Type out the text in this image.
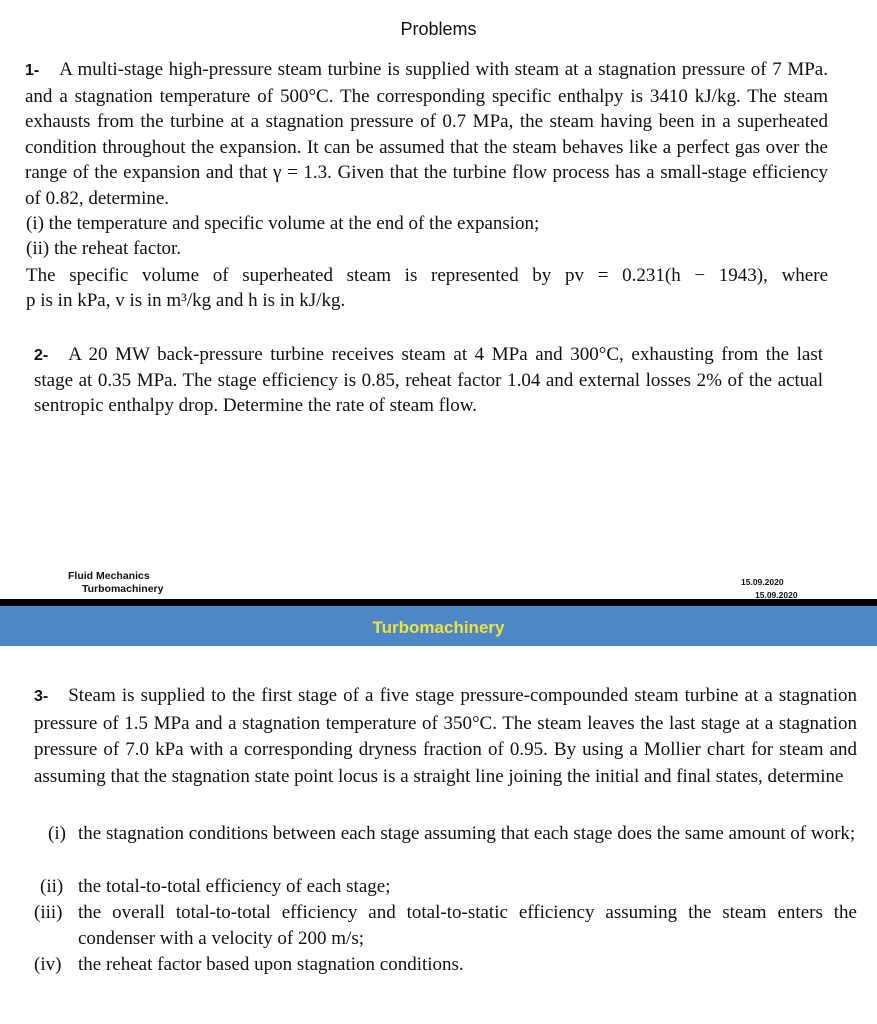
Problems

1- A multi-stage high-pressure steam turbine is supplied with steam at a stagnation pressure of 7 MPa. and a stagnation temperature of 500°C. The corresponding specific enthalpy is 3410 kJ/kg. The steam exhausts from the turbine at a stagnation pressure of 0.7 MPa, the steam having been in a superheated condition throughout the expansion. It can be assumed that the steam behaves like a perfect gas over the range of the expansion and that γ = 1.3. Given that the turbine flow process has a small-stage efficiency of 0.82, determine.

(i) the temperature and specific volume at the end of the expansion;

(ii) the reheat factor.

The specific volume of superheated steam is represented by pv = 0.231(h − 1943), where

p is in kPa, v is in m³/kg and h is in kJ/kg.

2- A 20 MW back-pressure turbine receives steam at 4 MPa and 300°C, exhausting from the last stage at 0.35 MPa. The stage efficiency is 0.85, reheat factor 1.04 and external losses 2% of the actual sentropic enthalpy drop. Determine the rate of steam flow.

Fluid Mechanics
Turbomachinery
15.09.2020
15.09.2020
Turbomachinery

3- Steam is supplied to the first stage of a five stage pressure-compounded steam turbine at a stagnation pressure of 1.5 MPa and a stagnation temperature of 350°C. The steam leaves the last stage at a stagnation pressure of 7.0 kPa with a corresponding dryness fraction of 0.95. By using a Mollier chart for steam and assuming that the stagnation state point locus is a straight line joining the initial and final states, determine

(i) the stagnation conditions between each stage assuming that each stage does the same amount of work;
(ii) the total-to-total efficiency of each stage;
(iii) the overall total-to-total efficiency and total-to-static efficiency assuming the steam enters the condenser with a velocity of 200 m/s;
(iv) the reheat factor based upon stagnation conditions.
